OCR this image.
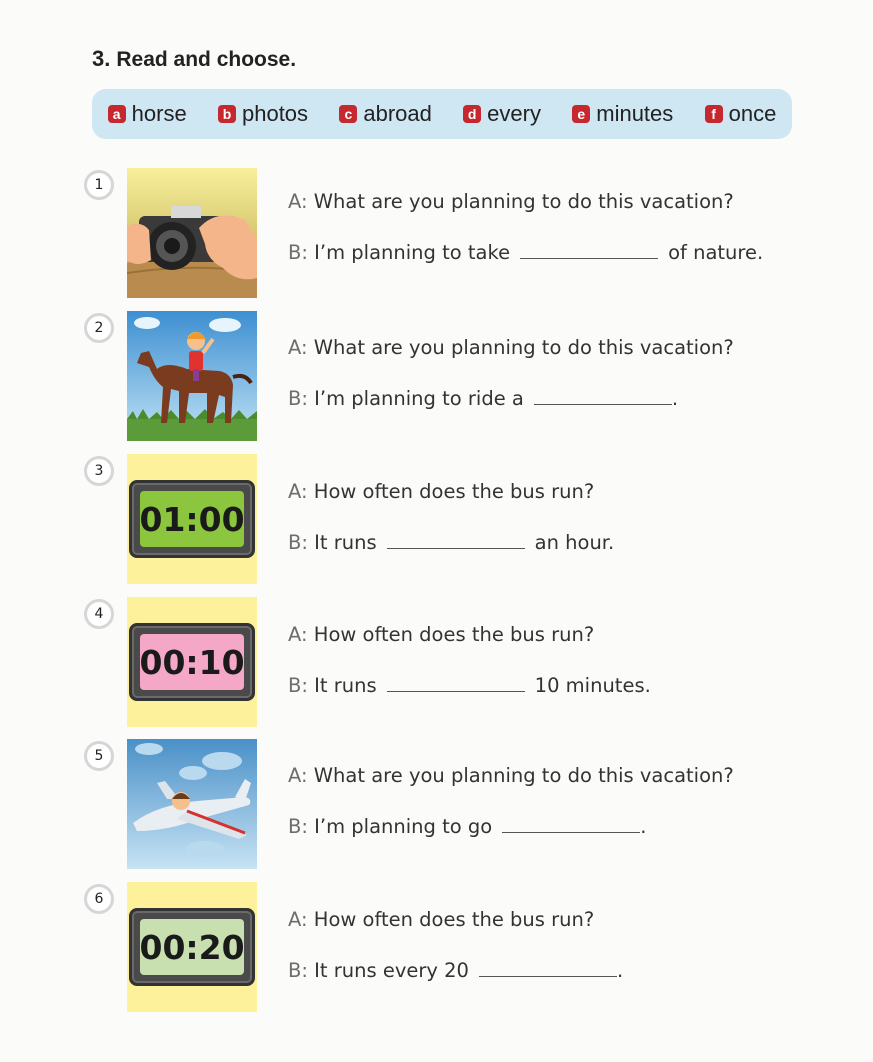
3. Read and choose.
a horse	b photos	c abroad	d every	e minutes	f once
1
A: What are you planning to do this vacation?
B: I’m planning to take	of nature.
2
A: What are you planning to do this vacation?
B: I’m planning to ride a	.
3
01:00
A: How often does the bus run?
B: It runs	an hour.
4
00:10
A: How often does the bus run?
B: It runs	10 minutes.
5
A: What are you planning to do this vacation?
B: I’m planning to go	.
6
00:20
A: How often does the bus run?
B: It runs every 20	.
